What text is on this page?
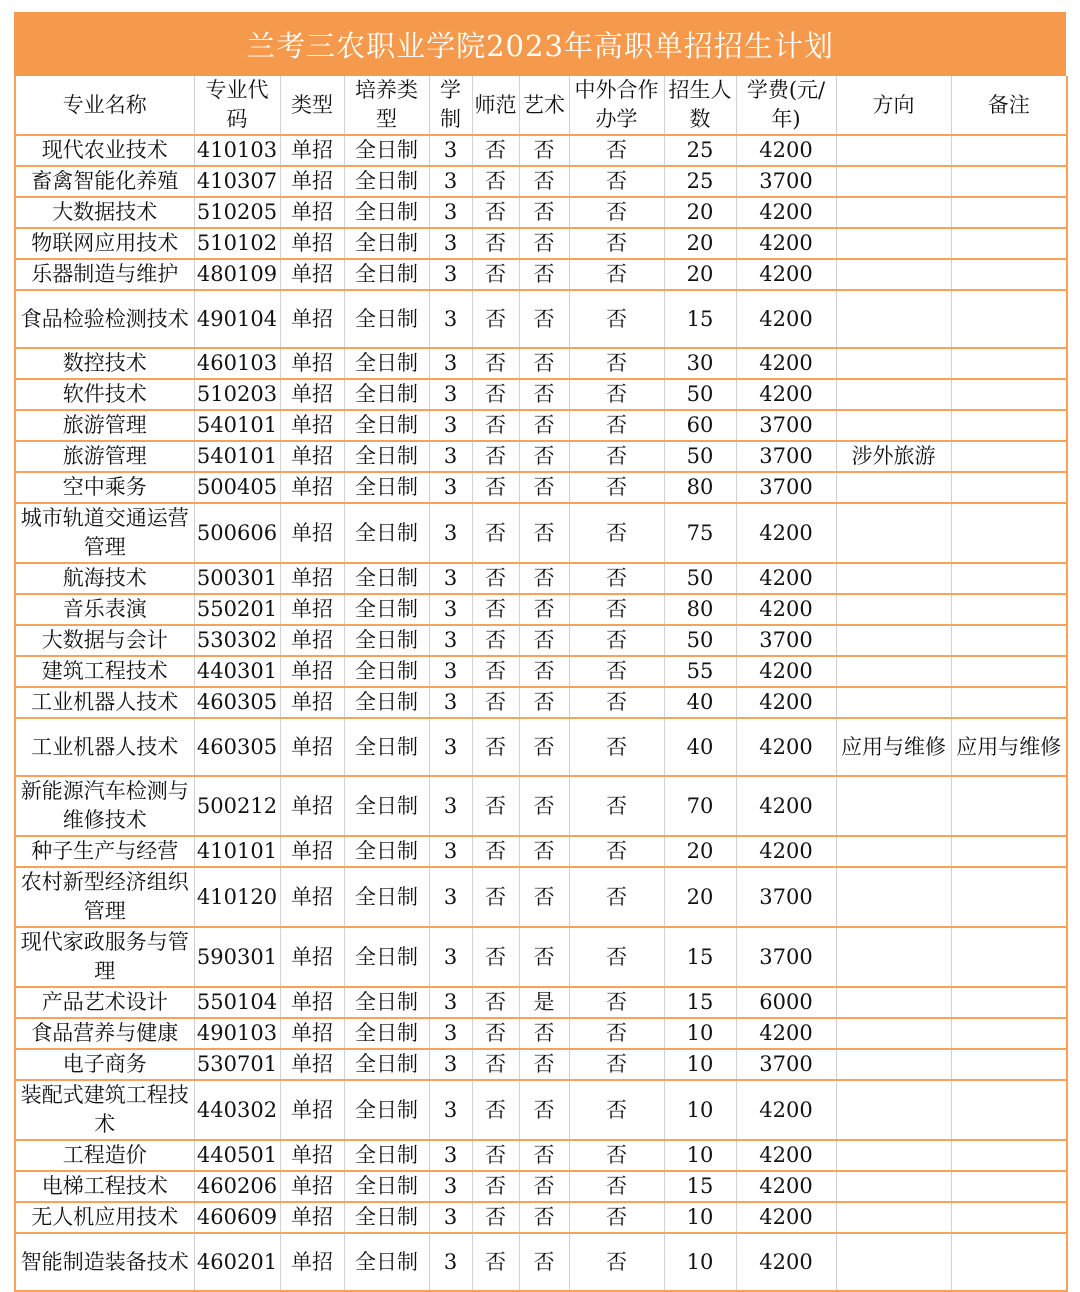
兰考三农职业学院2023年高职单招招生计划
专业名称	专业代码	类型	培养类型	学制	师范	艺术	中外合作办学	招生人数	学费(元/年)	方向	备注
现代农业技术	410103	单招	全日制	3	否	否	否	25	4200		
畜禽智能化养殖	410307	单招	全日制	3	否	否	否	25	3700		
大数据技术	510205	单招	全日制	3	否	否	否	20	4200		
物联网应用技术	510102	单招	全日制	3	否	否	否	20	4200		
乐器制造与维护	480109	单招	全日制	3	否	否	否	20	4200		
食品检验检测技术	490104	单招	全日制	3	否	否	否	15	4200		
数控技术	460103	单招	全日制	3	否	否	否	30	4200		
软件技术	510203	单招	全日制	3	否	否	否	50	4200		
旅游管理	540101	单招	全日制	3	否	否	否	60	3700		
旅游管理	540101	单招	全日制	3	否	否	否	50	3700	涉外旅游	
空中乘务	500405	单招	全日制	3	否	否	否	80	3700		
城市轨道交通运营管理	500606	单招	全日制	3	否	否	否	75	4200		
航海技术	500301	单招	全日制	3	否	否	否	50	4200		
音乐表演	550201	单招	全日制	3	否	否	否	80	4200		
大数据与会计	530302	单招	全日制	3	否	否	否	50	3700		
建筑工程技术	440301	单招	全日制	3	否	否	否	55	4200		
工业机器人技术	460305	单招	全日制	3	否	否	否	40	4200		
工业机器人技术	460305	单招	全日制	3	否	否	否	40	4200	应用与维修	应用与维修
新能源汽车检测与维修技术	500212	单招	全日制	3	否	否	否	70	4200		
种子生产与经营	410101	单招	全日制	3	否	否	否	20	4200		
农村新型经济组织管理	410120	单招	全日制	3	否	否	否	20	3700		
现代家政服务与管理	590301	单招	全日制	3	否	否	否	15	3700		
产品艺术设计	550104	单招	全日制	3	否	是	否	15	6000		
食品营养与健康	490103	单招	全日制	3	否	否	否	10	4200		
电子商务	530701	单招	全日制	3	否	否	否	10	3700		
装配式建筑工程技术	440302	单招	全日制	3	否	否	否	10	4200		
工程造价	440501	单招	全日制	3	否	否	否	10	4200		
电梯工程技术	460206	单招	全日制	3	否	否	否	15	4200		
无人机应用技术	460609	单招	全日制	3	否	否	否	10	4200		
智能制造装备技术	460201	单招	全日制	3	否	否	否	10	4200		
